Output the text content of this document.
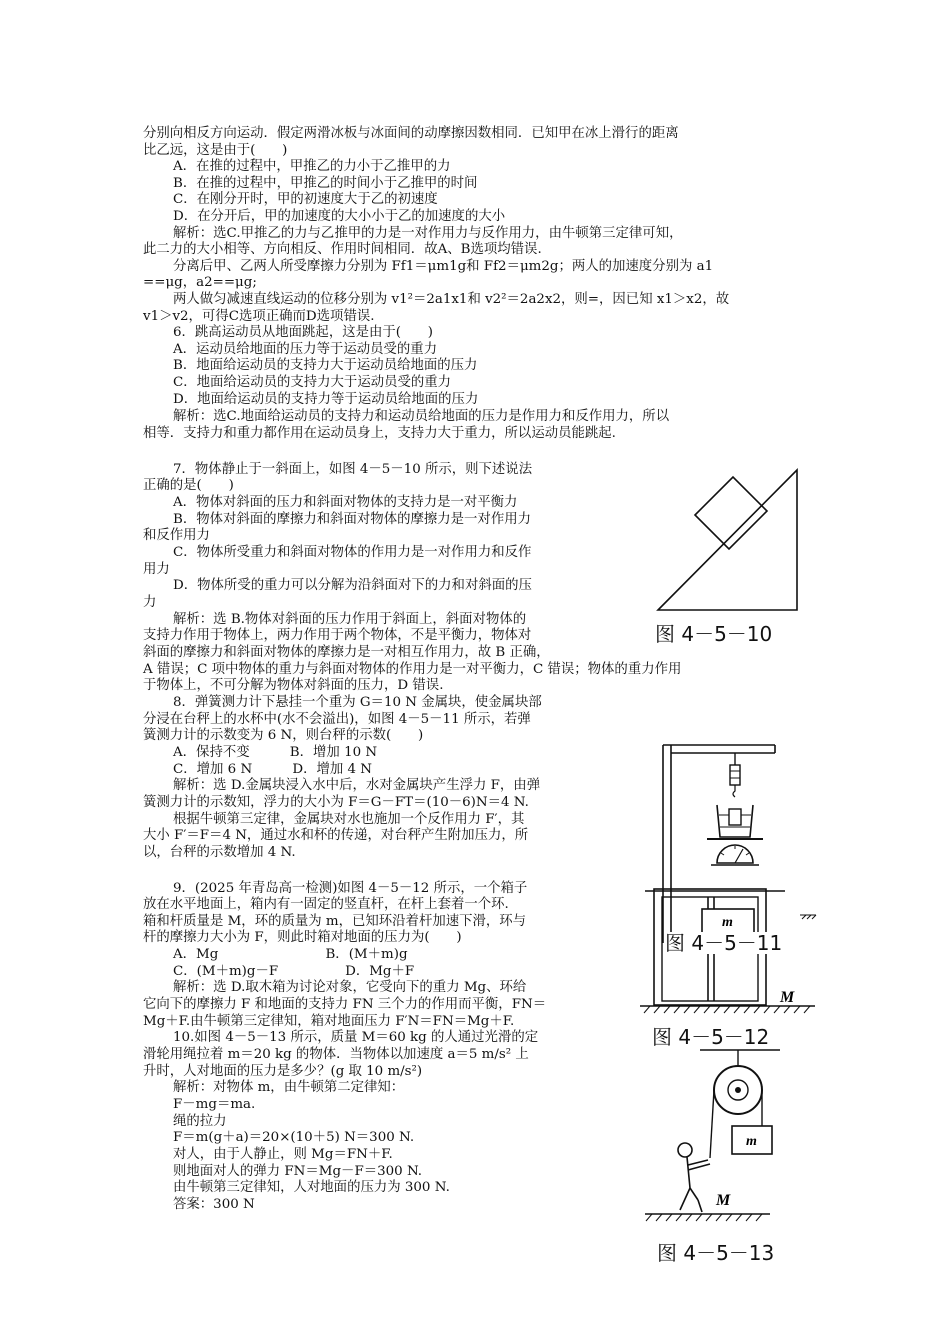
分别向相反方向运动．假定两滑冰板与冰面间的动摩擦因数相同．已知甲在冰上滑行的距离
比乙远，这是由于(　　)
A．在推的过程中，甲推乙的力小于乙推甲的力
B．在推的过程中，甲推乙的时间小于乙推甲的时间
C．在刚分开时，甲的初速度大于乙的初速度
D．在分开后，甲的加速度的大小小于乙的加速度的大小
解析：选C.甲推乙的力与乙推甲的力是一对作用力与反作用力，由牛顿第三定律可知，
此二力的大小相等、方向相反、作用时间相同．故A、B选项均错误.
分离后甲、乙两人所受摩擦力分别为 Ff1＝μm1g和 Ff2＝μm2g；两人的加速度分别为 a1
==μg，a2==μg;
两人做匀减速直线运动的位移分别为 v1²＝2a1x1和 v2²＝2a2x2，则=，因已知 x1＞x2，故
v1＞v2，可得C选项正确而D选项错误.
6．跳高运动员从地面跳起，这是由于(　　)
A．运动员给地面的压力等于运动员受的重力
B．地面给运动员的支持力大于运动员给地面的压力
C．地面给运动员的支持力大于运动员受的重力
D．地面给运动员的支持力等于运动员给地面的压力
解析：选C.地面给运动员的支持力和运动员给地面的压力是作用力和反作用力，所以
相等．支持力和重力都作用在运动员身上，支持力大于重力，所以运动员能跳起.
7．物体静止于一斜面上，如图 4－5－10 所示，则下述说法
正确的是(　　)
A．物体对斜面的压力和斜面对物体的支持力是一对平衡力
B．物体对斜面的摩擦力和斜面对物体的摩擦力是一对作用力
和反作用力
C．物体所受重力和斜面对物体的作用力是一对作用力和反作
用力
D．物体所受的重力可以分解为沿斜面对下的力和对斜面的压
力
解析：选 B.物体对斜面的压力作用于斜面上，斜面对物体的
支持力作用于物体上，两力作用于两个物体，不是平衡力，物体对
斜面的摩擦力和斜面对物体的摩擦力是一对相互作用力，故 B 正确，
A 错误；C 项中物体的重力与斜面对物体的作用力是一对平衡力，C 错误；物体的重力作用
于物体上，不可分解为物体对斜面的压力，D 错误.
8．弹簧测力计下悬挂一个重为 G＝10 N 金属块，使金属块部
分浸在台秤上的水杯中(水不会溢出)，如图 4－5－11 所示，若弹
簧测力计的示数变为 6 N，则台秤的示数(　　)
A．保持不变　　　B．增加 10 N
C．增加 6 N　　　D．增加 4 N
解析：选 D.金属块浸入水中后，水对金属块产生浮力 F，由弹
簧测力计的示数知，浮力的大小为 F＝G－FT＝(10－6)N＝4 N.
根据牛顿第三定律，金属块对水也施加一个反作用力 F′，其
大小 F′＝F＝4 N，通过水和杯的传递，对台秤产生附加压力，所
以，台秤的示数增加 4 N.
9．(2025 年青岛高一检测)如图 4－5－12 所示，一个箱子
放在水平地面上，箱内有一固定的竖直杆，在杆上套着一个环.
箱和杆质量是 M，环的质量为 m，已知环沿着杆加速下滑，环与
杆的摩擦力大小为 F，则此时箱对地面的压力为(　　)
A．Mg　　　　　　　　B．(M＋m)g
C．(M＋m)g－F　　　　　D．Mg＋F
解析：选 D.取木箱为讨论对象，它受向下的重力 Mg、环给
它向下的摩擦力 F 和地面的支持力 FN 三个力的作用而平衡，FN＝
Mg＋F.由牛顿第三定律知，箱对地面压力 F′N＝FN＝Mg＋F.
10.如图 4－5－13 所示，质量 M＝60 kg 的人通过光滑的定
滑轮用绳拉着 m＝20 kg 的物体．当物体以加速度 a＝5 m/s² 上
升时，人对地面的压力是多少？(g 取 10 m/s²)
解析：对物体 m，由牛顿第二定律知：
F－mg＝ma.
绳的拉力
F＝m(g＋a)＝20×(10＋5) N＝300 N.
对人，由于人静止，则 Mg＝FN＋F.
则地面对人的弹力 FN＝Mg－F＝300 N.
由牛顿第三定律知，人对地面的压力为 300 N.
答案：300 N
图 4－5－10
m
M
图 4－5－11
图 4－5－12
m
M
图 4－5－13
